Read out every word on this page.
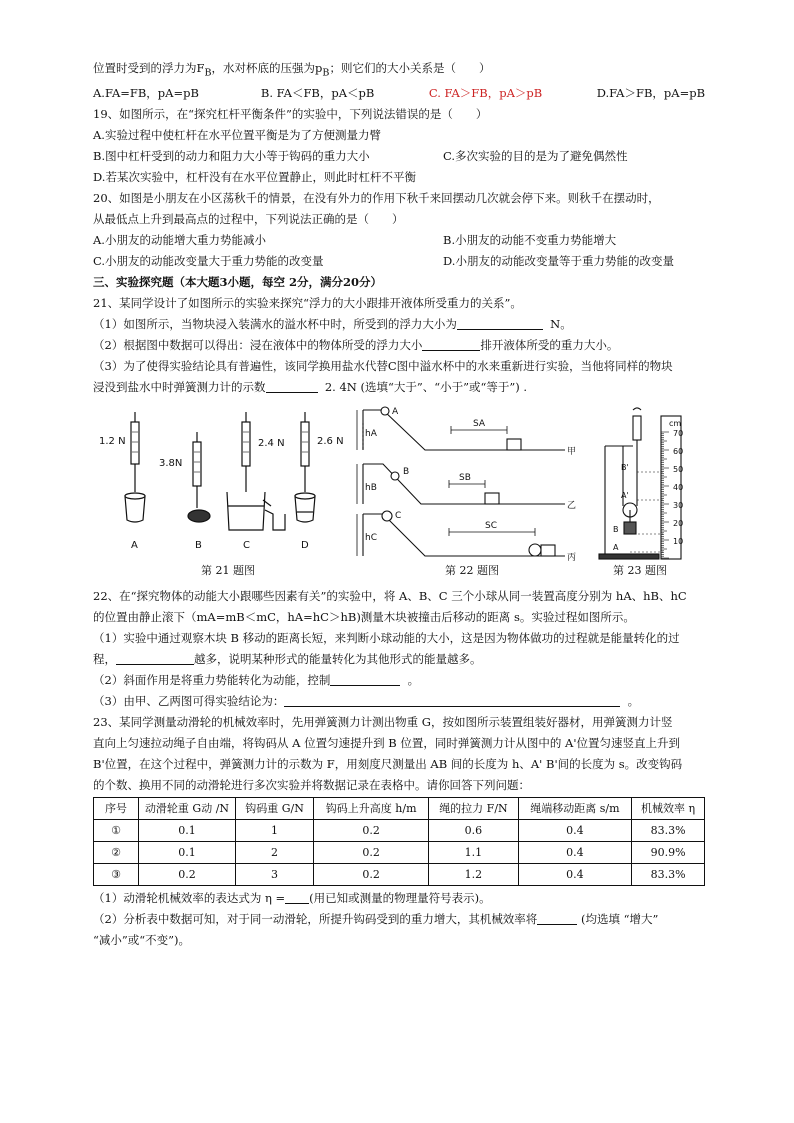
位置时受到的浮力为$F_B$，水对杯底的压强为$p_B$；则它们的大小关系是（　　）
A.FA=FB，pA=pB	B. FA＜FB，pA＜pB	C. FA＞FB，pA＞pB	D.FA＞FB，pA=pB
19、如图所示，在“探究杠杆平衡条件”的实验中，下列说法错误的是（　　）
A.实验过程中使杠杆在水平位置平衡是为了方便测量力臂
B.图中杠杆受到的动力和阻力大小等于钩码的重力大小	C.多次实验的目的是为了避免偶然性
D.若某次实验中，杠杆没有在水平位置静止，则此时杠杆不平衡
20、如图是小朋友在小区荡秋千的情景，在没有外力的作用下秋千来回摆动几次就会停下来。则秋千在摆动时，
从最低点上升到最高点的过程中，下列说法正确的是（　　）
A.小朋友的动能增大重力势能减小	B.小朋友的动能不变重力势能增大
C.小朋友的动能改变量大于重力势能的改变量	D.小朋友的动能改变量等于重力势能的改变量
三、实验探究题（本大题3小题，每空 2分，满分20分）
21、某同学设计了如图所示的实验来探究“浮力的大小跟排开液体所受重力的关系”。
（1）如图所示，当物块浸入装满水的溢水杯中时，所受到的浮力大小为	N。
（2）根据图中数据可以得出：浸在液体中的物体所受的浮力大小	排开液体所受的重力大小。
（3）为了使得实验结论具有普遍性，该同学换用盐水代替C图中溢水杯中的水来重新进行实验，当他将同样的物块
浸没到盐水中时弹簧测力计的示数	2. 4N (选填“大于”、“小于”或“等于”) .
1.2 N
3.8N
2.4 N	2.6 N
A	B	C	D
A
B
C
hA
hB
hC
SA
SB
SC
甲
乙
丙
cm
70
60
50
40
30
20
10
B'
A'
B
A
第 21 题图	第 22 题图	第 23 题图
22、在“探究物体的动能大小跟哪些因素有关”的实验中，将 A、B、C 三个小球从同一装置高度分别为 hA、hB、hC
的位置由静止滚下（mA=mB＜mC，hA=hC＞hB)测量木块被撞击后移动的距离 s。实验过程如图所示。
（1）实验中通过观察木块 B 移动的距离长短，来判断小球动能的大小，这是因为物体做功的过程就是能量转化的过
程，	越多，说明某种形式的能量转化为其他形式的能量越多。
（2）斜面作用是将重力势能转化为动能，控制	。
（3）由甲、乙两图可得实验结论为：	。
23、某同学测量动滑轮的机械效率时，先用弹簧测力计测出物重 G，按如图所示装置组装好器材，用弹簧测力计竖
直向上匀速拉动绳子自由端，将钩码从 A 位置匀速提升到 B 位置，同时弹簧测力计从图中的 A'位置匀速竖直上升到
B'位置，在这个过程中，弹簧测力计的示数为 F，用刻度尺测量出 AB 间的长度为 h、A' B'间的长度为 s。改变钩码
的个数、换用不同的动滑轮进行多次实验并将数据记录在表格中。请你回答下列问题：
序号	动滑轮重 G动 /N	钩码重 G/N	钩码上升高度 h/m	绳的拉力 F/N	绳端移动距离 s/m	机械效率 η
①	0.1	1	0.2	0.6	0.4	83.3%
②	0.1	2	0.2	1.1	0.4	90.9%
③	0.2	3	0.2	1.2	0.4	83.3%
（1）动滑轮机械效率的表达式为 η = (用已知或测量的物理量符号表示)。
（2）分析表中数据可知，对于同一动滑轮，所提升钩码受到的重力增大，其机械效率将	(均选填 “增大”
“减小”或“不变”)。
